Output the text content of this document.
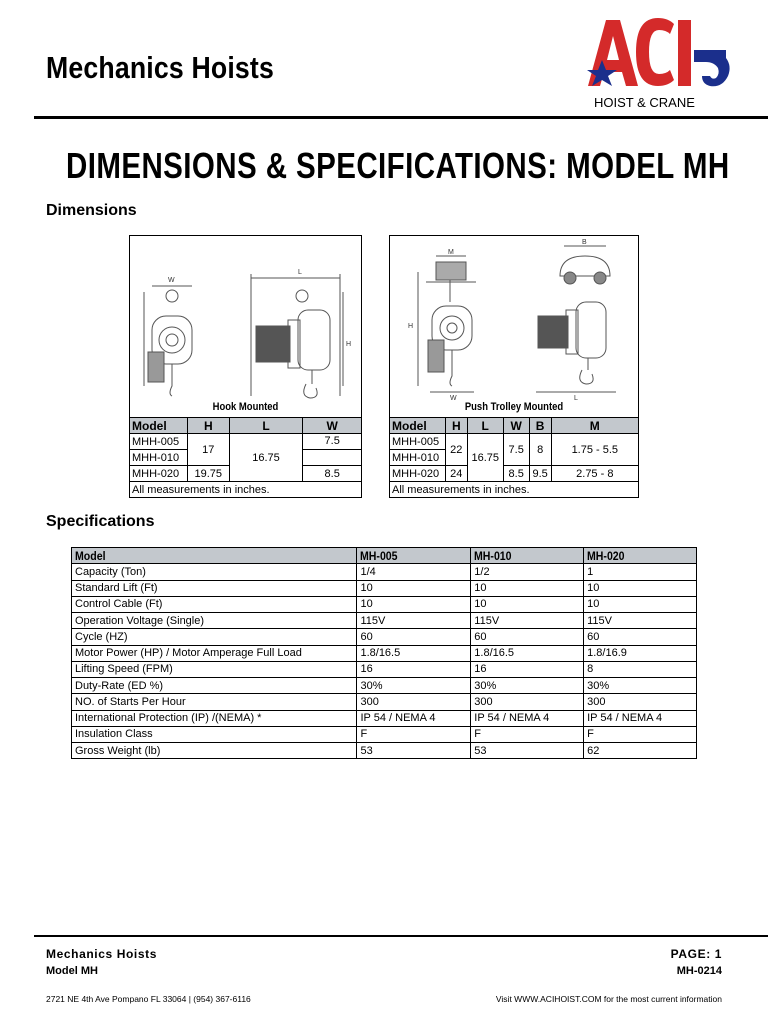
Mechanics Hoists
HOIST & CRANE
DIMENSIONS & SPECIFICATIONS: MODEL MH
Dimensions
W
L
H
Hook Mounted
Model	H	L	W
MHH-005	17	16.75	7.5
MHH-010			
MHH-020	19.75		8.5
All measurements in inches.			
M
H
W
B
L
Push Trolley Mounted
Model	H	L	W	B	M
MHH-005	22	16.75	7.5	8	1.75 - 5.5
MHH-010					
MHH-020	24		8.5	9.5	2.75 - 8
All measurements in inches.					
Specifications
Model	MH-005	MH-010	MH-020
Capacity (Ton)	1/4	1/2	1
Standard Lift (Ft)	10	10	10
Control Cable (Ft)	10	10	10
Operation Voltage (Single)	115V	115V	115V
Cycle (HZ)	60	60	60
Motor Power (HP) / Motor Amperage Full Load	1.8/16.5	1.8/16.5	1.8/16.9
Lifting Speed (FPM)	16	16	8
Duty-Rate (ED %)	30%	30%	30%
NO. of Starts Per Hour	300	300	300
International Protection (IP) /(NEMA) *	IP 54 / NEMA 4	IP 54 / NEMA 4	IP 54 / NEMA 4
Insulation Class	F	F	F
Gross Weight (lb)	53	53	62
Mechanics Hoists
Model MH
PAGE: 1
MH-0214
2721 NE 4th Ave Pompano FL 33064 | (954) 367-6116	Visit WWW.ACIHOIST.COM for the most current information
